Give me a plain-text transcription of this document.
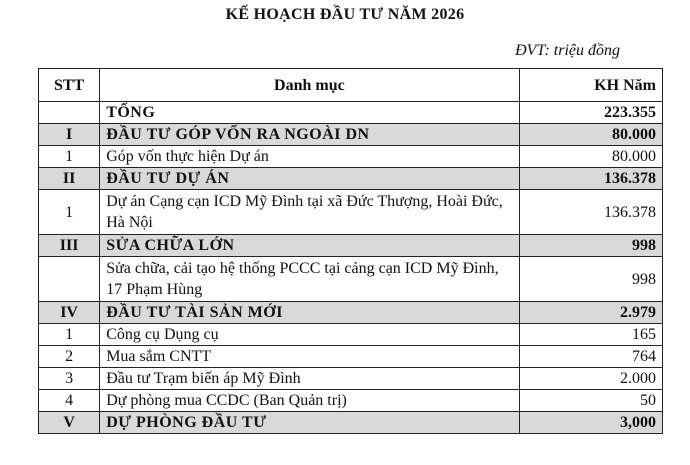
KẾ HOẠCH ĐẦU TƯ NĂM 2026
ĐVT: triệu đồng
STT	Danh mục	KH Năm
	TỔNG	223.355
I	ĐẦU TƯ GÓP VỐN RA NGOÀI DN	80.000
1	Góp vốn thực hiện Dự án	80.000
II	ĐẦU TƯ DỰ ÁN	136.378
1	Dự án Cạng cạn ICD Mỹ Đình tại xã Đức Thượng, Hoài Đức, Hà Nội	136.378
III	SỬA CHỮA LỚN	998
	Sửa chữa, cải tạo hệ thống PCCC tại cảng cạn ICD Mỹ Đình, 17 Phạm Hùng	998
IV	ĐẦU TƯ TÀI SẢN MỚI	2.979
1	Công cụ Dụng cụ	165
2	Mua sắm CNTT	764
3	Đầu tư Trạm biến áp Mỹ Đình	2.000
4	Dự phòng mua CCDC (Ban Quản trị)	50
V	DỰ PHÒNG ĐẦU TƯ	3,000
